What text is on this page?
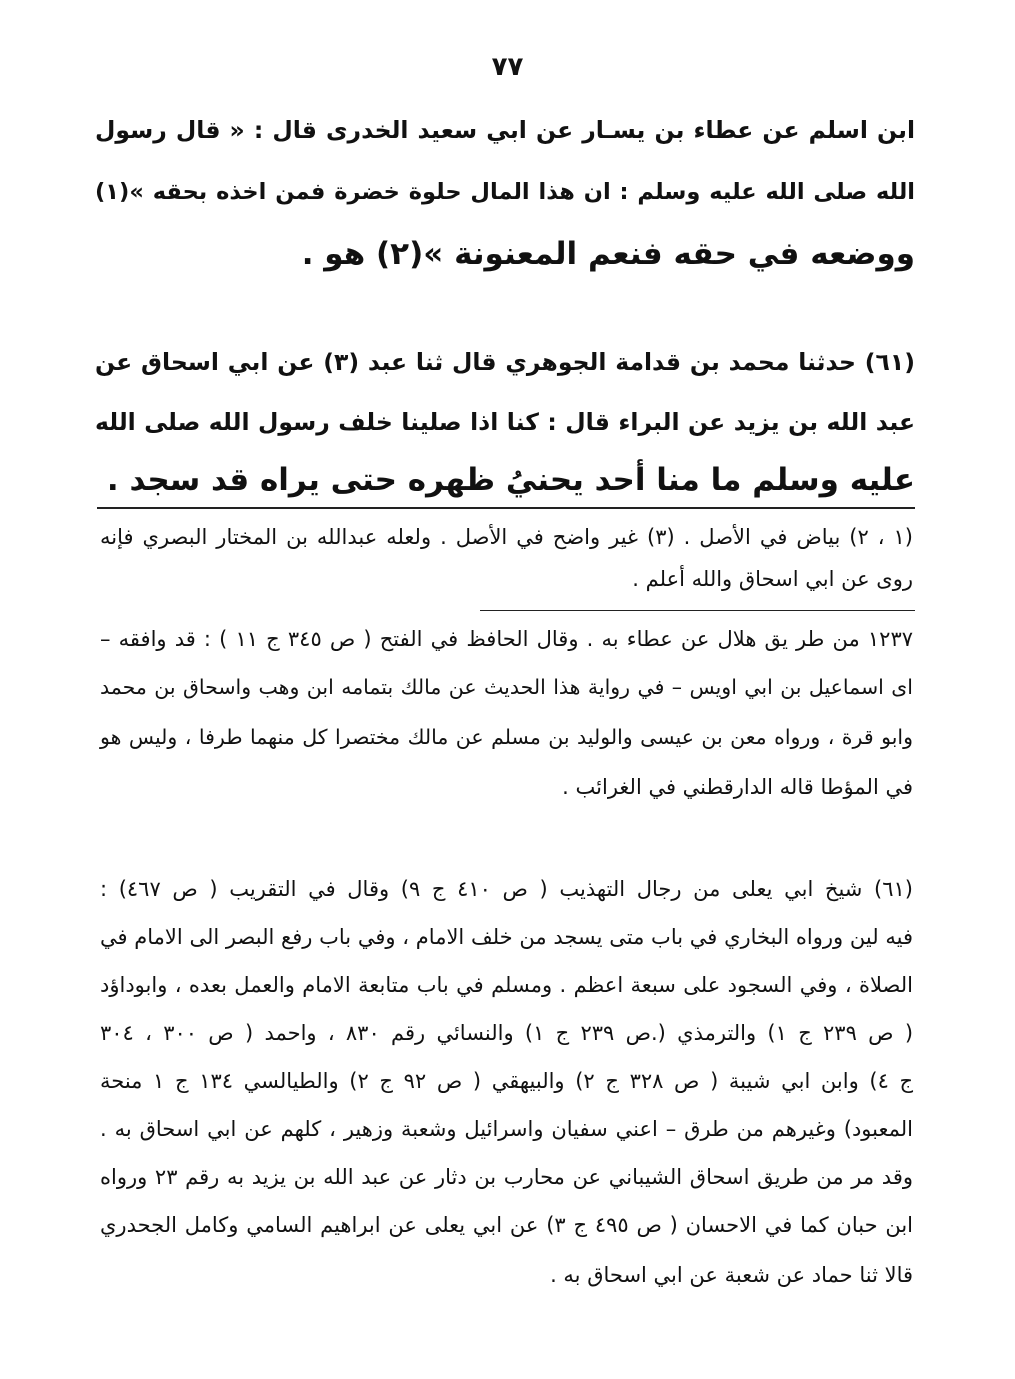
٧٧
ابن اسلم عن عطاء بن يسـار عن ابي سعيد الخدرى قال : « قال رسول
الله صلى الله عليه وسلم : ان هذا المال حلوة خضرة فمن اخذه بحقه »(١)
ووضعه في حقه فنعم المعنونة »(٢) هو .
(٦١) حدثنا محمد بن قدامة الجوهري قال ثنا عبد (٣) عن ابي اسحاق عن
عبد الله بن يزيد عن البراء قال : كنا اذا صلينا خلف رسول الله صلى الله
عليه وسلم ما منا أحد يحنيُ ظهره حتى يراه قد سجد .
(١ ، ٢) بياض في الأصل . (٣) غير واضح في الأصل . ولعله عبدالله بن المختار البصري فإنه
روى عن ابي اسحاق والله أعلم .
١٢٣٧ من طر يق هلال عن عطاء به . وقال الحافظ في الفتح ( ص ٣٤٥ ج ١١ ) : قد وافقه –
اى اسماعيل بن ابي اويس – في رواية هذا الحديث عن مالك بتمامه ابن وهب واسحاق بن محمد
وابو قرة ، ورواه معن بن عيسى والوليد بن مسلم عن مالك مختصرا كل منهما طرفا ، وليس هو
في المؤطا قاله الدارقطني في الغرائب .
(٦١) شيخ ابي يعلى من رجال التهذيب ( ص ٤١٠ ج ٩) وقال في التقريب ( ص ٤٦٧) :
فيه لين ورواه البخاري في باب متى يسجد من خلف الامام ، وفي باب رفع البصر الى الامام في
الصلاة ، وفي السجود على سبعة اعظم . ومسلم في باب متابعة الامام والعمل بعده ، وابوداؤد
( ص ٢٣٩ ج ١) والترمذي (.ص ٢٣٩ ج ١) والنسائي رقم ٨٣٠ ، واحمد ( ص ٣٠٠ ، ٣٠٤
ج ٤) وابن ابي شيبة ( ص ٣٢٨ ج ٢) والبيهقي ( ص ٩٢ ج ٢) والطيالسي ١٣٤ ج ١ منحة
المعبود) وغيرهم من طرق – اعني سفيان واسرائيل وشعبة وزهير ، كلهم عن ابي اسحاق به .
وقد مر من طريق اسحاق الشيباني عن محارب بن دثار عن عبد الله بن يزيد به رقم ٢٣ ورواه
ابن حبان كما في الاحسان ( ص ٤٩٥ ج ٣) عن ابي يعلى عن ابراهيم السامي وكامل الجحدري
قالا ثنا حماد عن شعبة عن ابي اسحاق به .
